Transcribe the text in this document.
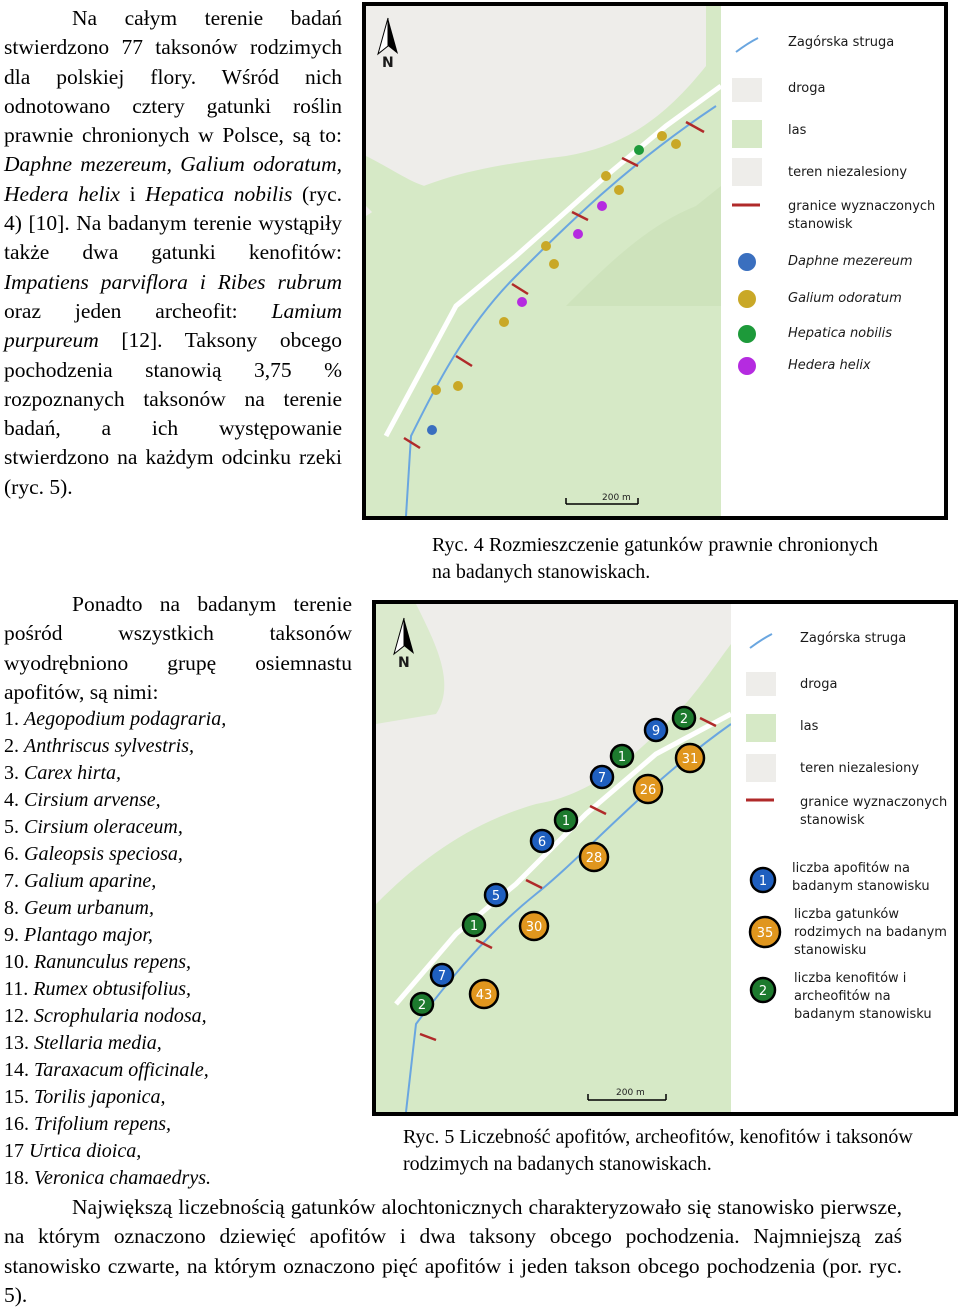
Na całym terenie badań stwierdzono 77 taksonów rodzimych dla polskiej flory. Wśród nich odnotowano cztery gatunki roślin prawnie chronionych w Polsce, są to: Daphne mezereum, Galium odoratum, Hedera helix i Hepatica nobilis (ryc. 4) [10]. Na badanym terenie wystąpiły także dwa gatunki kenofitów: Impatiens parviflora i Ribes rubrum oraz jeden archeofit: Lamium purpureum [12]. Taksony obcego pochodzenia stanowią 3,75 % rozpoznanych taksonów na terenie badań, a ich występowanie stwierdzono na każdym odcinku rzeki (ryc. 5).

N
200 m
Zagórska struga
droga
las
teren niezalesiony
granice wyznaczonych stanowisk
Daphne mezereum
Galium odoratum
Hepatica nobilis
Hedera helix
Ryc. 4 Rozmieszczenie gatunków prawnie chronionych na badanych stanowiskach.

Ponadto na badanym terenie pośród wszystkich taksonów wyodrębniono grupę osiemnastu apofitów, są nimi:

1. Aegopodium podagraria,
2. Anthriscus sylvestris,
3. Carex hirta,
4. Cirsium arvense,
5. Cirsium oleraceum,
6. Galeopsis speciosa,
7. Galium aparine,
8. Geum urbanum,
9. Plantago major,
10. Ranunculus repens,
11. Rumex obtusifolius,
12. Scrophularia nodosa,
13. Stellaria media,
14. Taraxacum officinale,
15. Torilis japonica,
16. Trifolium repens,
17 Urtica dioica,
18. Veronica chamaedrys.
7
43
2
5
30
1
6
28
1
7
26
1
9
31
2
1
35
2
N
200 m
Zagórska struga
droga
las
teren niezalesiony
granice wyznaczonych stanowisk
liczba apofitów na badanym stanowisku
liczba gatunków rodzimych na badanym stanowisku
liczba kenofitów i archeofitów na badanym stanowisku
Ryc. 5 Liczebność apofitów, archeofitów, kenofitów i taksonów rodzimych na badanych stanowiskach.

Największą liczebnością gatunków alochtonicznych charakteryzowało się stanowisko pierwsze, na którym oznaczono dziewięć apofitów i dwa taksony obcego pochodzenia. Najmniejszą zaś stanowisko czwarte, na którym oznaczono pięć apofitów i jeden takson obcego pochodzenia (por. ryc. 5).
